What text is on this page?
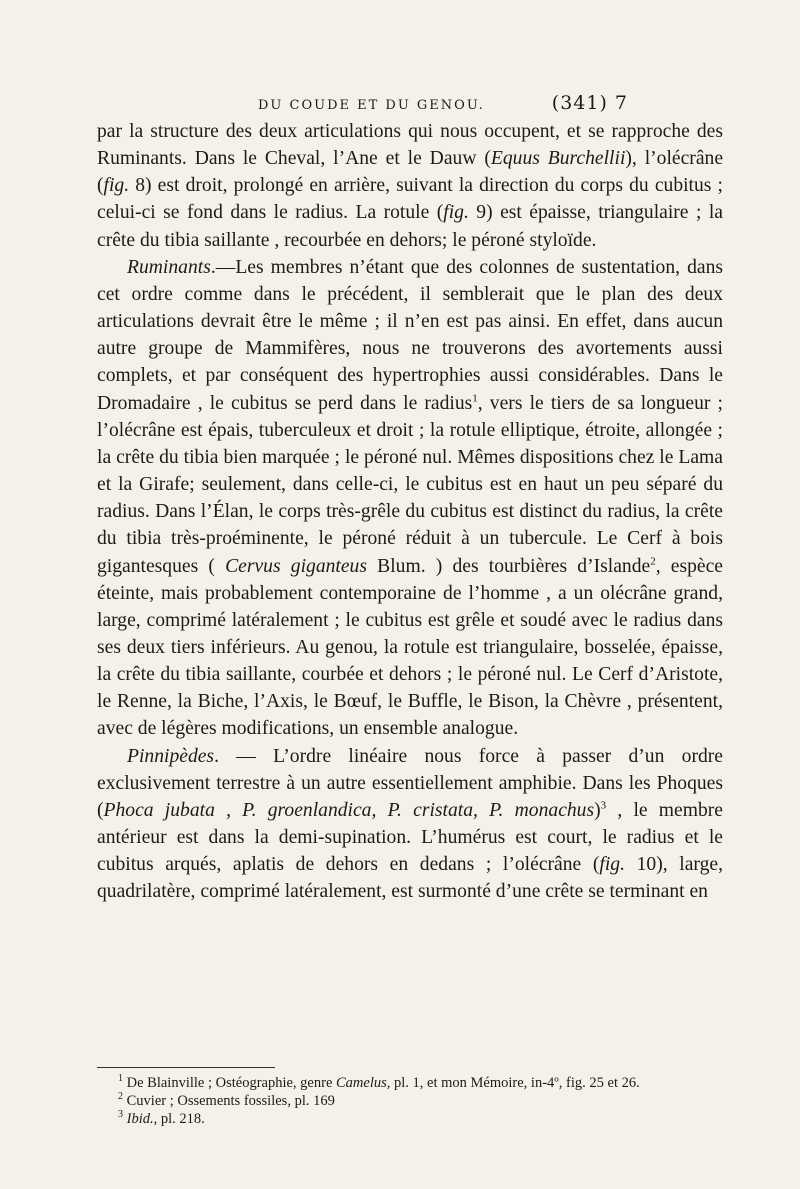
DU COUDE ET DU GENOU.	(341) 7

par la structure des deux articulations qui nous occupent, et se rapproche des Ruminants. Dans le Cheval, l’Ane et le Dauw (Equus Burchellii), l’olécrâne (fig. 8) est droit, prolongé en arrière, suivant la direction du corps du cubitus ; celui-ci se fond dans le radius. La rotule (fig. 9) est épaisse, triangulaire ; la crête du tibia saillante , recourbée en dehors; le péroné styloïde.

Ruminants.—Les membres n’étant que des colonnes de sustentation, dans cet ordre comme dans le précédent, il semblerait que le plan des deux articulations devrait être le même ; il n’en est pas ainsi. En effet, dans aucun autre groupe de Mammifères, nous ne trouverons des avortements aussi complets, et par conséquent des hypertrophies aussi considérables. Dans le Dromadaire , le cubitus se perd dans le radius$^1$, vers le tiers de sa longueur ; l’olécrâne est épais, tuberculeux et droit ; la rotule elliptique, étroite, allongée ; la crête du tibia bien marquée ; le péroné nul. Mêmes dispositions chez le Lama et la Girafe; seulement, dans celle-ci, le cubitus est en haut un peu séparé du radius. Dans l’Élan, le corps très-grêle du cubitus est distinct du radius, la crête du tibia très-proéminente, le péroné réduit à un tubercule. Le Cerf à bois gigantesques ( Cervus giganteus Blum. ) des tourbières d’Islande$^2$, espèce éteinte, mais probablement contemporaine de l’homme , a un olécrâne grand, large, comprimé latéralement ; le cubitus est grêle et soudé avec le radius dans ses deux tiers inférieurs. Au genou, la rotule est triangulaire, bosselée, épaisse, la crête du tibia saillante, courbée et dehors ; le péroné nul. Le Cerf d’Aristote, le Renne, la Biche, l’Axis, le Bœuf, le Buffle, le Bison, la Chèvre , présentent, avec de légères modifications, un ensemble analogue.

Pinnipèdes. — L’ordre linéaire nous force à passer d’un ordre exclusivement terrestre à un autre essentiellement amphibie. Dans les Phoques (Phoca jubata , P. groenlandica, P. cristata, P. monachus)$^3$ , le membre antérieur est dans la demi-supination. L’humérus est court, le radius et le cubitus arqués, aplatis de dehors en dedans ; l’olécrâne (fig. 10), large, quadrilatère, comprimé latéralement, est surmonté d’une crête se terminant en

$^1$ De Blainville ; Ostéographie, genre Camelus, pl. 1, et mon Mémoire, in-4º, fig. 25 et 26.
$^2$ Cuvier ; Ossements fossiles, pl. 169
$^3$ Ibid., pl. 218.
